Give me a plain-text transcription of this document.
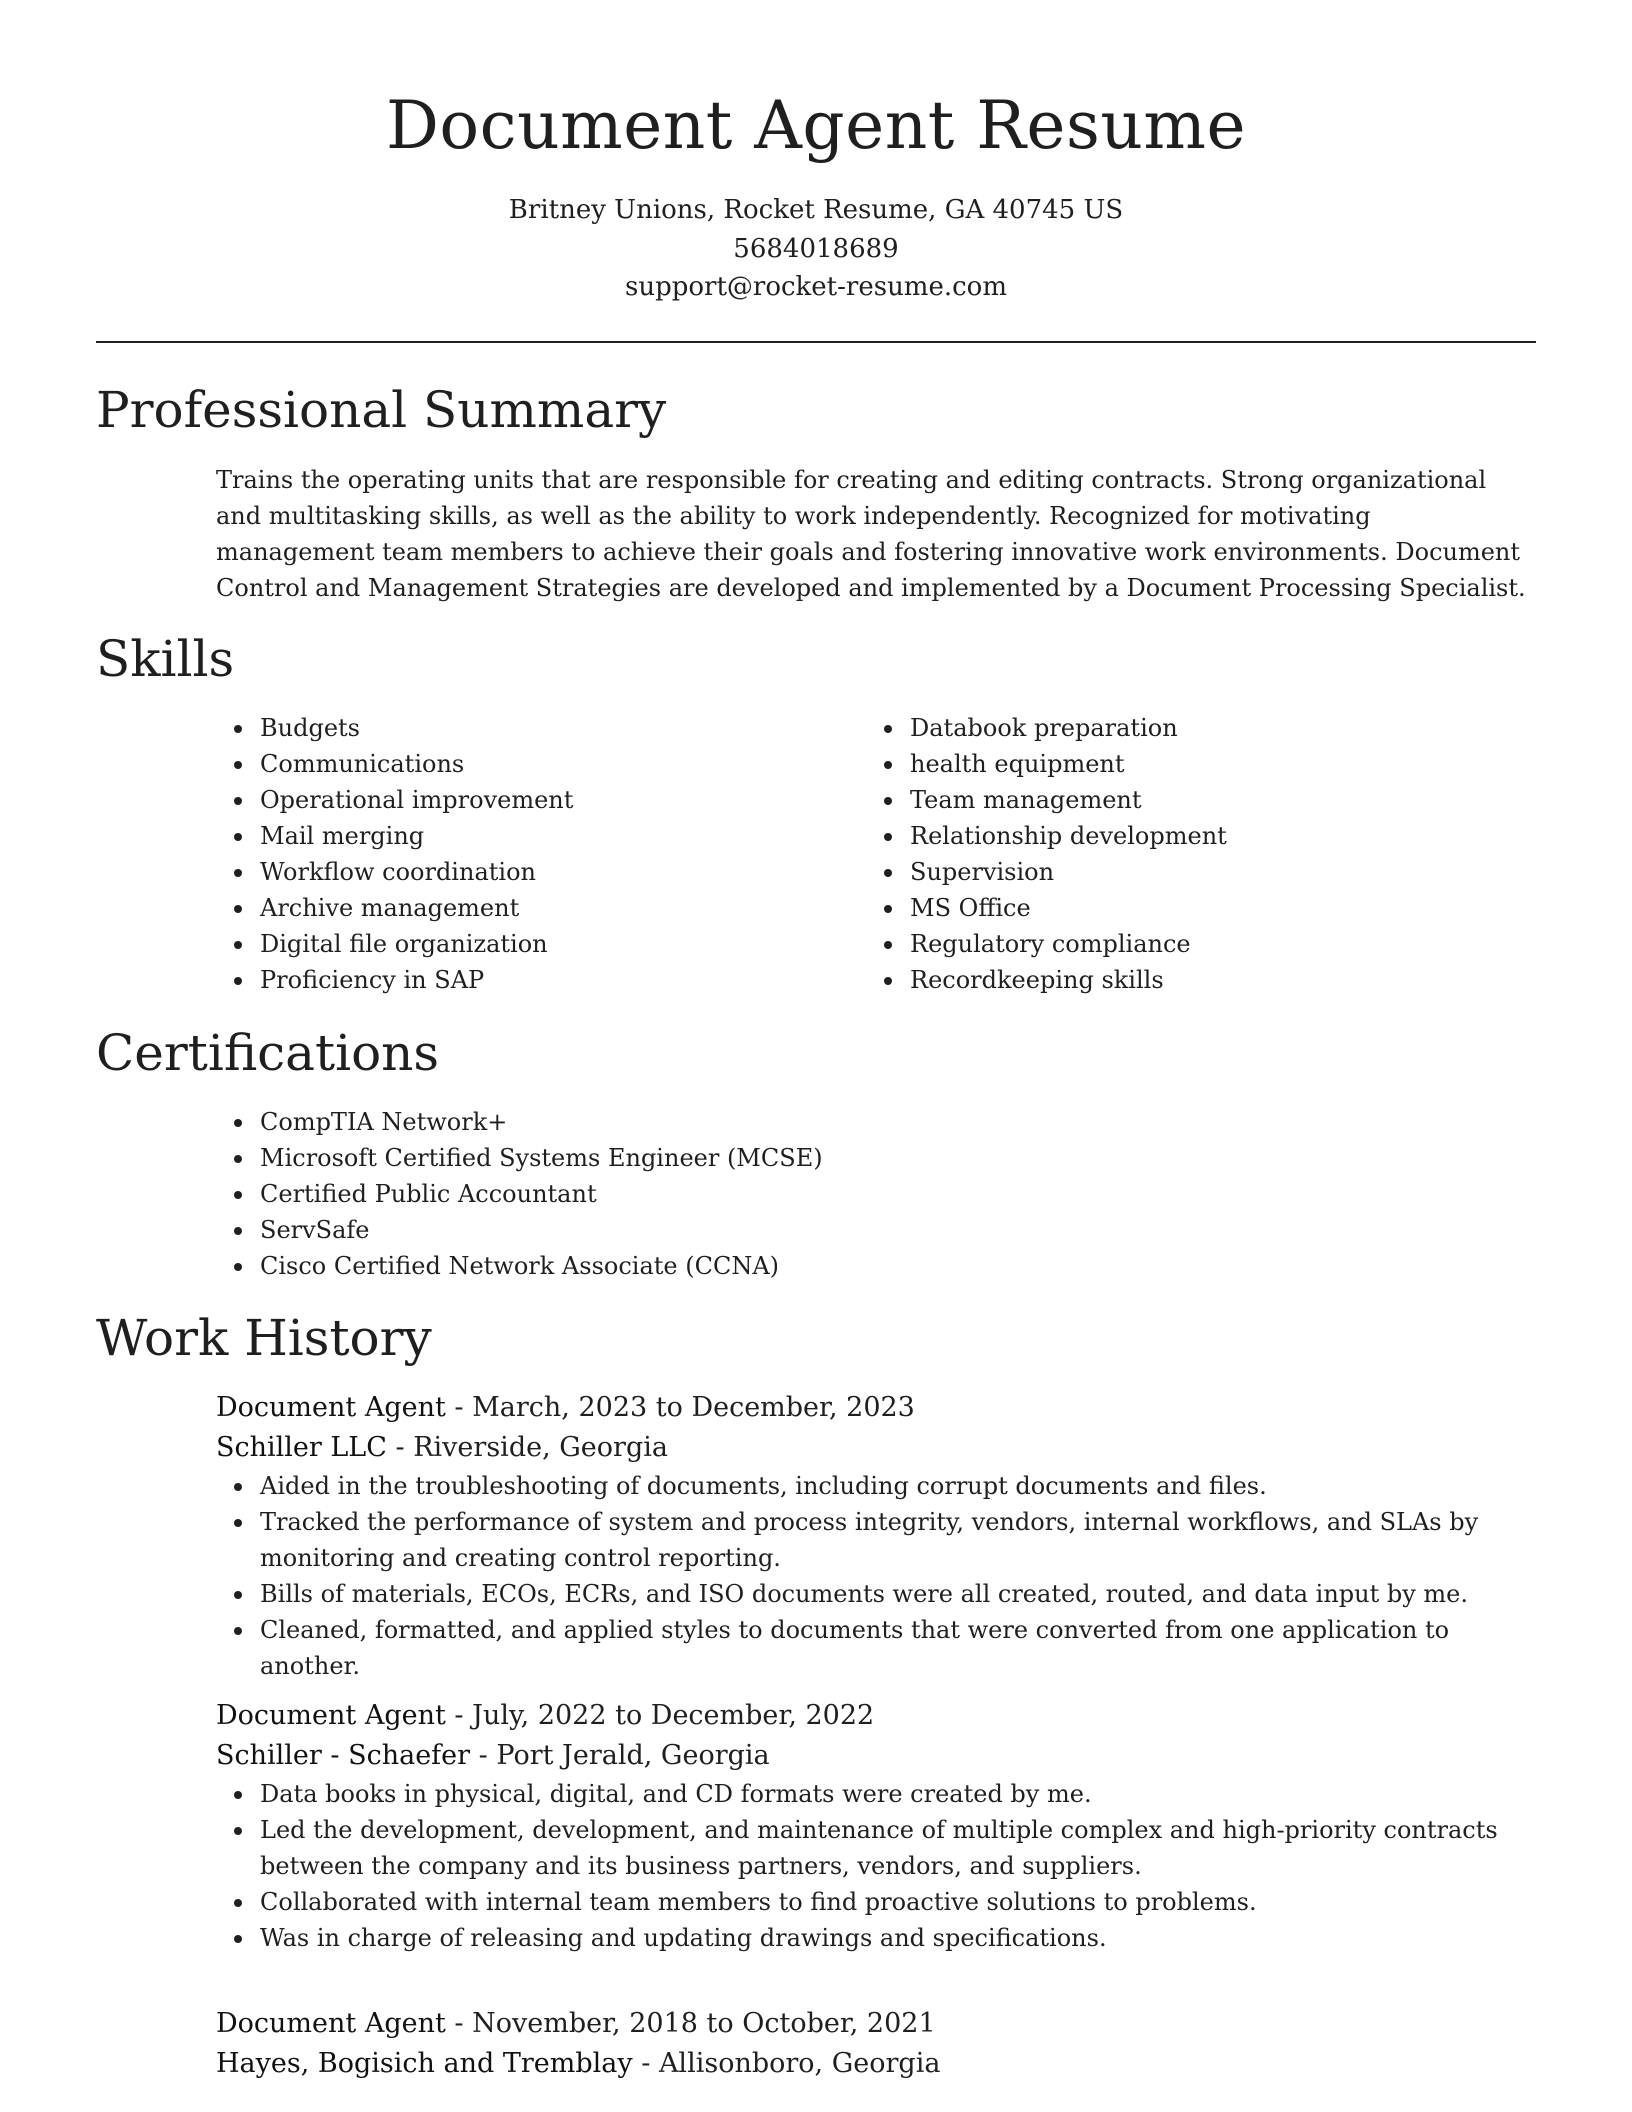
Document Agent Resume
Britney Unions, Rocket Resume, GA 40745 US
5684018689
support@rocket-resume.com
Professional Summary

Trains the operating units that are responsible for creating and editing contracts. Strong organizational and multitasking skills, as well as the ability to work independently. Recognized for motivating management team members to achieve their goals and fostering innovative work environments. Document Control and Management Strategies are developed and implemented by a Document Processing Specialist.

Skills
Budgets
Communications
Operational improvement
Mail merging
Workflow coordination
Archive management
Digital file organization
Proficiency in SAP
Databook preparation
health equipment
Team management
Relationship development
Supervision
MS Office
Regulatory compliance
Recordkeeping skills
Certifications
CompTIA Network+
Microsoft Certified Systems Engineer (MCSE)
Certified Public Accountant
ServSafe
Cisco Certified Network Associate (CCNA)
Work History
Document Agent - March, 2023 to December, 2023
Schiller LLC - Riverside, Georgia
Aided in the troubleshooting of documents, including corrupt documents and files.
Tracked the performance of system and process integrity, vendors, internal workflows, and SLAs by monitoring and creating control reporting.
Bills of materials, ECOs, ECRs, and ISO documents were all created, routed, and data input by me.
Cleaned, formatted, and applied styles to documents that were converted from one application to another.
Document Agent - July, 2022 to December, 2022
Schiller - Schaefer - Port Jerald, Georgia
Data books in physical, digital, and CD formats were created by me.
Led the development, development, and maintenance of multiple complex and high-priority contracts between the company and its business partners, vendors, and suppliers.
Collaborated with internal team members to find proactive solutions to problems.
Was in charge of releasing and updating drawings and specifications.
Document Agent - November, 2018 to October, 2021
Hayes, Bogisich and Tremblay - Allisonboro, Georgia
